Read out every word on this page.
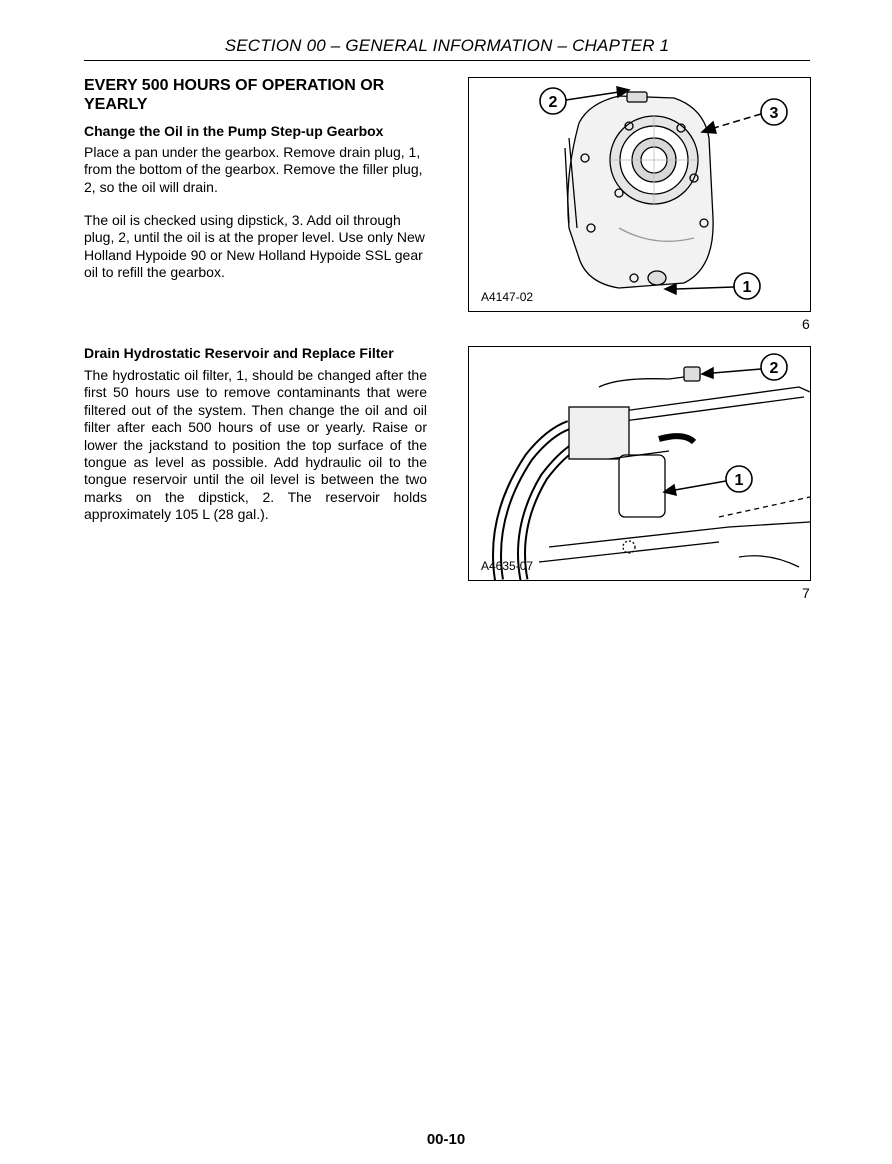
SECTION 00 – GENERAL INFORMATION – CHAPTER 1
EVERY 500 HOURS OF OPERATION OR YEARLY
Change the Oil in the Pump Step-up Gearbox
Place a pan under the gearbox. Remove drain plug, 1, from the bottom of the gearbox. Remove the filler plug, 2, so the oil will drain.
The oil is checked using dipstick, 3. Add oil through plug, 2, until the oil is at the proper level. Use only New Holland Hypoide 90 or New Holland Hypoide SSL gear oil to refill the gearbox.
Drain Hydrostatic Reservoir and Replace Filter
The hydrostatic oil filter, 1, should be changed after the first 50 hours use to remove contaminants that were filtered out of the system. Then change the oil and oil filter after each 500 hours of use or yearly. Raise or lower the jackstand to position the top surface of the tongue as level as possible. Add hydraulic oil to the tongue reservoir until the oil level is between the two marks on the dipstick, 2. The reservoir holds approximately 105 L (28 gal.).
2
3
1
A4147-02
6
2
1
A4635-07
7
00-10
